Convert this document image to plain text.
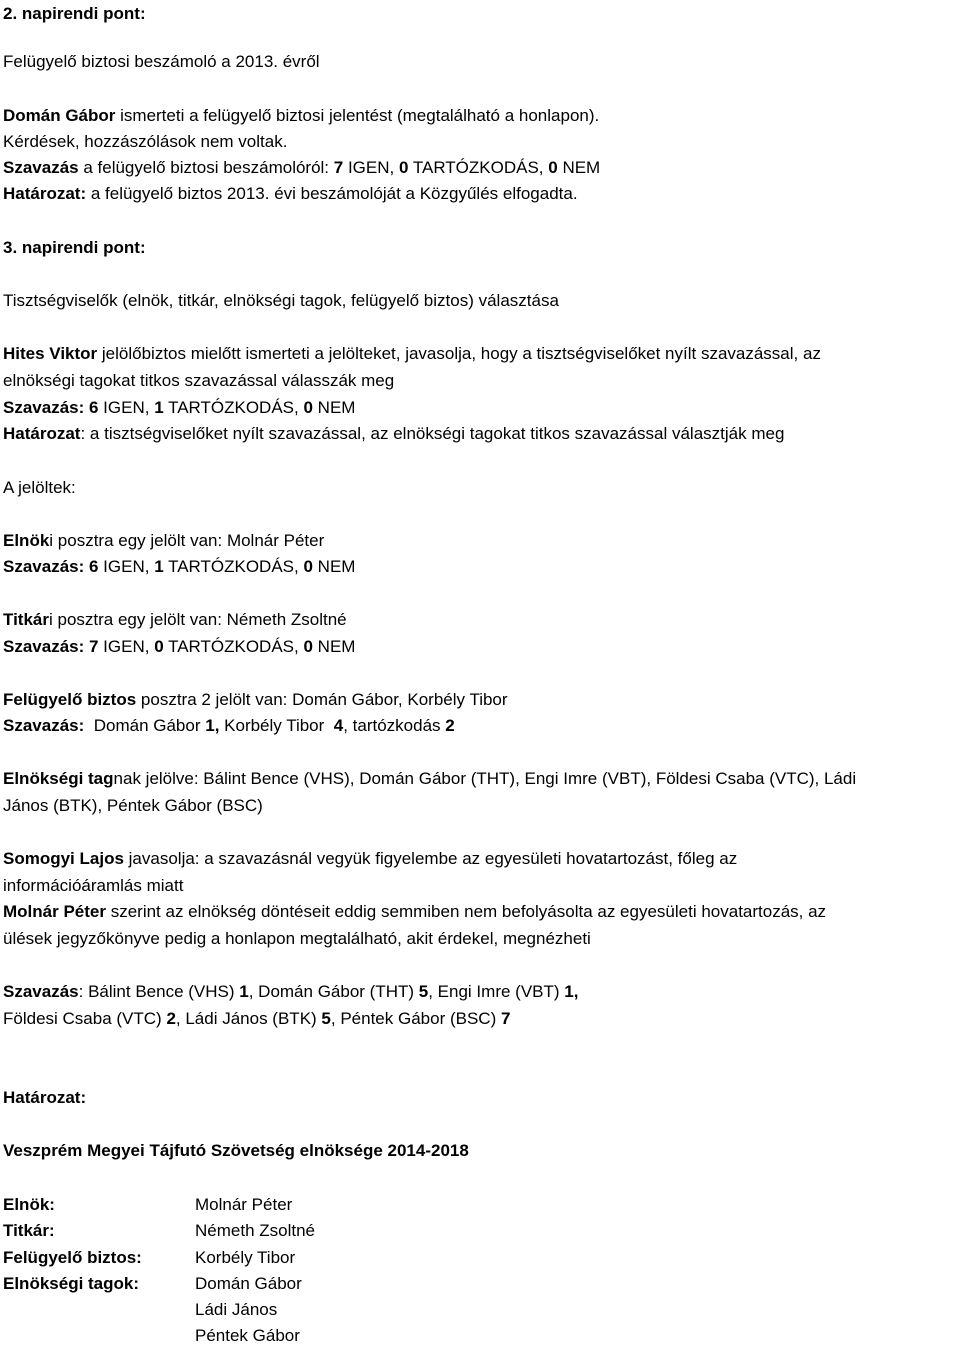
2. napirendi pont:
Felügyelő biztosi beszámoló a 2013. évről
Domán Gábor ismerteti a felügyelő biztosi jelentést (megtalálható a honlapon).
Kérdések, hozzászólások nem voltak.
Szavazás a felügyelő biztosi beszámolóról: 7 IGEN, 0 TARTÓZKODÁS, 0 NEM
Határozat: a felügyelő biztos 2013. évi beszámolóját a Közgyűlés elfogadta.
3. napirendi pont:
Tisztségviselők (elnök, titkár, elnökségi tagok, felügyelő biztos) választása
Hites Viktor jelölőbiztos mielőtt ismerteti a jelölteket, javasolja, hogy a tisztségviselőket nyílt szavazással, az
elnökségi tagokat titkos szavazással válasszák meg
Szavazás: 6 IGEN, 1 TARTÓZKODÁS, 0 NEM
Határozat: a tisztségviselőket nyílt szavazással, az elnökségi tagokat titkos szavazással választják meg
A jelöltek:
Elnöki posztra egy jelölt van: Molnár Péter
Szavazás: 6 IGEN, 1 TARTÓZKODÁS, 0 NEM
Titkári posztra egy jelölt van: Németh Zsoltné
Szavazás: 7 IGEN, 0 TARTÓZKODÁS, 0 NEM
Felügyelő biztos posztra 2 jelölt van: Domán Gábor, Korbély Tibor
Szavazás:  Domán Gábor 1, Korbély Tibor  4, tartózkodás 2
Elnökségi tagnak jelölve: Bálint Bence (VHS), Domán Gábor (THT), Engi Imre (VBT), Földesi Csaba (VTC), Ládi
János (BTK), Péntek Gábor (BSC)
Somogyi Lajos javasolja: a szavazásnál vegyük figyelembe az egyesületi hovatartozást, főleg az
információáramlás miatt
Molnár Péter szerint az elnökség döntéseit eddig semmiben nem befolyásolta az egyesületi hovatartozás, az
ülések jegyzőkönyve pedig a honlapon megtalálható, akit érdekel, megnézheti
Szavazás: Bálint Bence (VHS) 1, Domán Gábor (THT) 5, Engi Imre (VBT) 1,
Földesi Csaba (VTC) 2, Ládi János (BTK) 5, Péntek Gábor (BSC) 7
Határozat:
Veszprém Megyei Tájfutó Szövetség elnöksége 2014-2018
Elnök:	Molnár Péter
Titkár:	Németh Zsoltné
Felügyelő biztos:	Korbély Tibor
Elnökségi tagok:	Domán Gábor
Ládi János
Péntek Gábor
